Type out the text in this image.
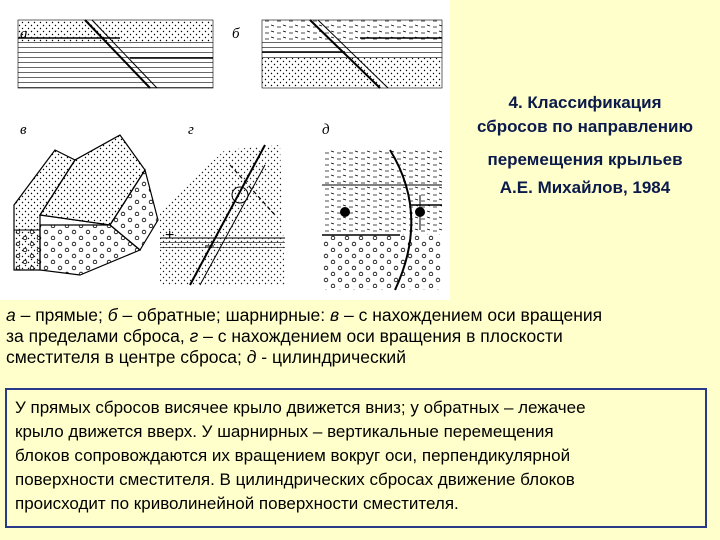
а	б
в
+
–
г	д
4. Классификация
сбросов по направлению
перемещения крыльев
А.Е. Михайлов, 1984
а – прямые; б – обратные; шарнирные: в – с нахождением оси вращения
за пределами сброса, г – с нахождением оси вращения в плоскости
сместителя в центре сброса; д - цилиндрический
У прямых сбросов висячее крыло движется вниз; у обратных – лежачее
крыло движется вверх. У шарнирных – вертикальные перемещения
блоков сопровождаются их вращением вокруг оси, перпендикулярной
поверхности сместителя. В цилиндрических сбросах движение блоков
происходит по криволинейной поверхности сместителя.
